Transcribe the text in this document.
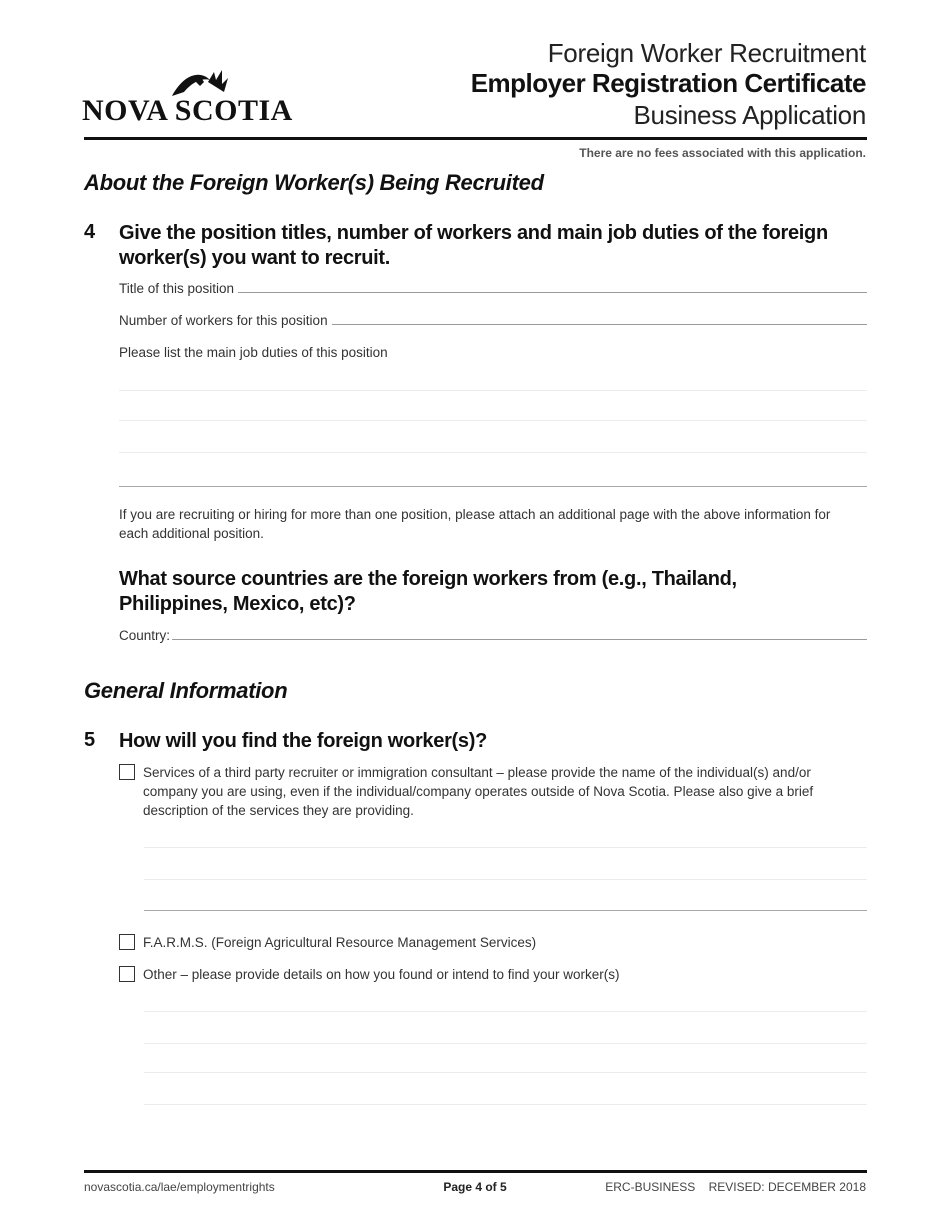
NOVA SCOTIA
Foreign Worker Recruitment
Employer Registration Certificate
Business Application
There are no fees associated with this application.
About the Foreign Worker(s) Being Recruited
4 Give the position titles, number of workers and main job duties of the foreign worker(s) you want to recruit.
Title of this position
Number of workers for this position
Please list the main job duties of this position
If you are recruiting or hiring for more than one position, please attach an additional page with the above information for each additional position.
What source countries are the foreign workers from (e.g., Thailand, Philippines, Mexico, etc)?
Country:
General Information
5 How will you find the foreign worker(s)?
Services of a third party recruiter or immigration consultant – please provide the name of the individual(s) and/or company you are using, even if the individual/company operates outside of Nova Scotia. Please also give a brief description of the services they are providing.
F.A.R.M.S. (Foreign Agricultural Resource Management Services)
Other – please provide details on how you found or intend to find your worker(s)
novascotia.ca/lae/employmentrights	Page 4 of 5	ERC-BUSINESS    REVISED: DECEMBER 2018
